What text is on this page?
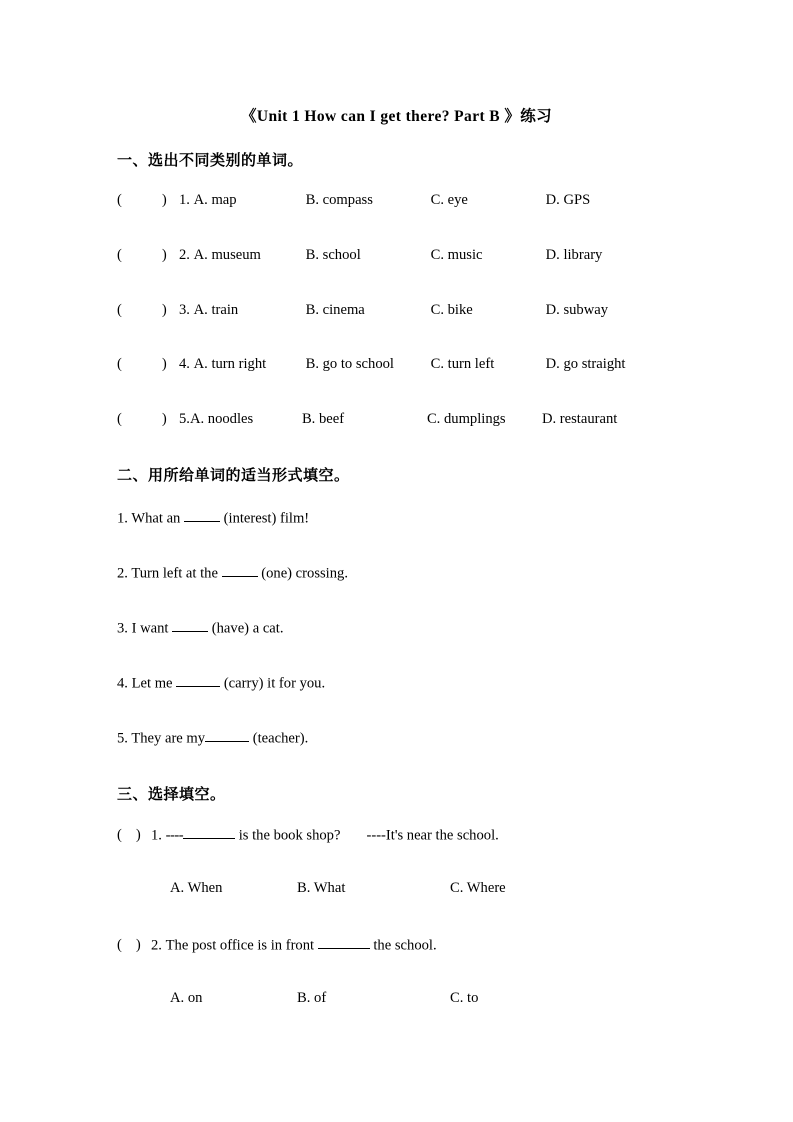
《Unit 1 How can I get there? Part B 》练习
一、选出不同类别的单词。
(	) 1. A. map	B. compass	C. eye	D. GPS
(	) 2. A. museum	B. school	C. music	D. library
(	) 3. A. train	B. cinema	C. bike	D. subway
(	) 4. A. turn right	B. go to school	C. turn left	D. go straight
(	) 5.A. noodles	B. beef	C. dumplings D. restaurant
二、用所给单词的适当形式填空。
1. What an  (interest) film!
2. Turn left at the  (one) crossing.
3. I want  (have) a cat.
4. Let me	(carry) it for you.
5. They are my	(teacher).
三、选择填空。
( ) 1. ----	is the book shop? ----It's near the school.
A. When	B. What	C. Where
( ) 2. The post office is in front	the school.
A. on	B. of	C. to
